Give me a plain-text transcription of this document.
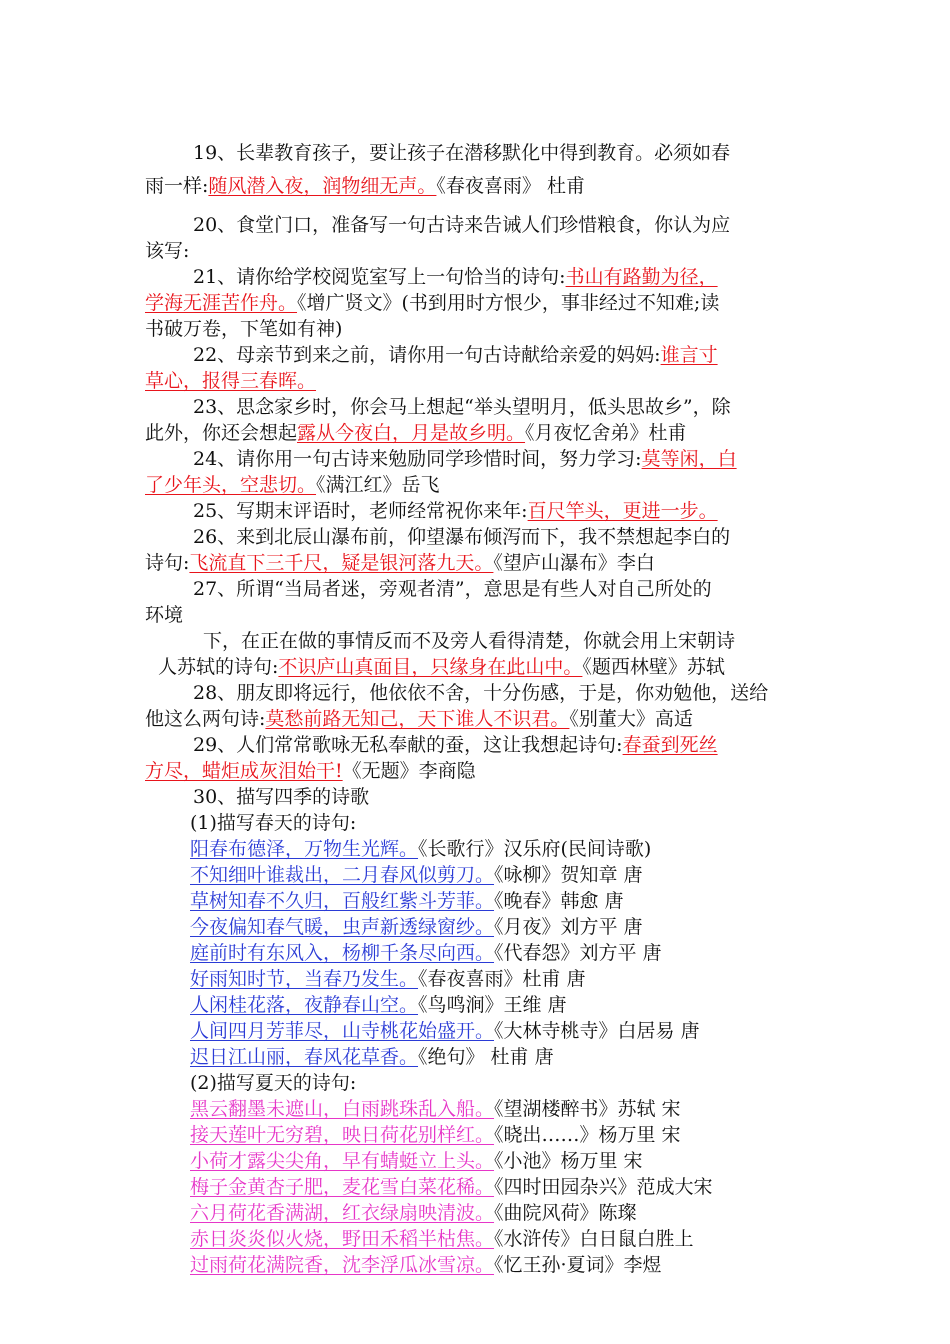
19、长辈教育孩子，要让孩子在潜移默化中得到教育。必须如春
雨一样:随风潜入夜，润物细无声。《春夜喜雨》 杜甫
20、食堂门口，准备写一句古诗来告诫人们珍惜粮食，你认为应
该写:
21、请你给学校阅览室写上一句恰当的诗句:书山有路勤为径，
学海无涯苦作舟。《增广贤文》(书到用时方恨少，事非经过不知难;读
书破万卷，下笔如有神)
22、母亲节到来之前，请你用一句古诗献给亲爱的妈妈:谁言寸
草心，报得三春晖。
23、思念家乡时，你会马上想起“举头望明月，低头思故乡”，除
此外，你还会想起露从今夜白，月是故乡明。《月夜忆舍弟》杜甫
24、请你用一句古诗来勉励同学珍惜时间，努力学习:莫等闲，白
了少年头，空悲切。《满江红》岳飞
25、写期末评语时，老师经常祝你来年:百尺竿头，更进一步。
26、来到北辰山瀑布前，仰望瀑布倾泻而下，我不禁想起李白的
诗句:飞流直下三千尺，疑是银河落九天。《望庐山瀑布》李白
27、所谓“当局者迷，旁观者清”，意思是有些人对自己所处的
环境
下，在正在做的事情反而不及旁人看得清楚，你就会用上宋朝诗
人苏轼的诗句:不识庐山真面目，只缘身在此山中。《题西林壁》苏轼
28、朋友即将远行，他依依不舍，十分伤感，于是，你劝勉他，送给
他这么两句诗:莫愁前路无知己，天下谁人不识君。《别董大》高适
29、人们常常歌咏无私奉献的蚕，这让我想起诗句:春蚕到死丝
方尽，蜡炬成灰泪始干!《无题》李商隐
30、描写四季的诗歌
(1)描写春天的诗句:
阳春布德泽，万物生光辉。《长歌行》汉乐府(民间诗歌)
不知细叶谁裁出，二月春风似剪刀。《咏柳》贺知章 唐
草树知春不久归，百般红紫斗芳菲。《晚春》韩愈 唐
今夜偏知春气暖，虫声新透绿窗纱。《月夜》刘方平 唐
庭前时有东风入，杨柳千条尽向西。《代春怨》刘方平 唐
好雨知时节，当春乃发生。《春夜喜雨》杜甫 唐
人闲桂花落，夜静春山空。《鸟鸣涧》王维 唐
人间四月芳菲尽，山寺桃花始盛开。《大林寺桃寺》白居易 唐
迟日江山丽，春风花草香。《绝句》 杜甫 唐
(2)描写夏天的诗句:
黑云翻墨未遮山，白雨跳珠乱入船。《望湖楼醉书》苏轼 宋
接天莲叶无穷碧，映日荷花别样红。《晓出……》杨万里 宋
小荷才露尖尖角，早有蜻蜓立上头。《小池》杨万里 宋
梅子金黄杏子肥，麦花雪白菜花稀。《四时田园杂兴》范成大宋
六月荷花香满湖，红衣绿扇映清波。《曲院风荷》陈璨
赤日炎炎似火烧，野田禾稻半枯焦。《水浒传》白日鼠白胜上
过雨荷花满院香，沈李浮瓜冰雪凉。《忆王孙·夏词》李煜
